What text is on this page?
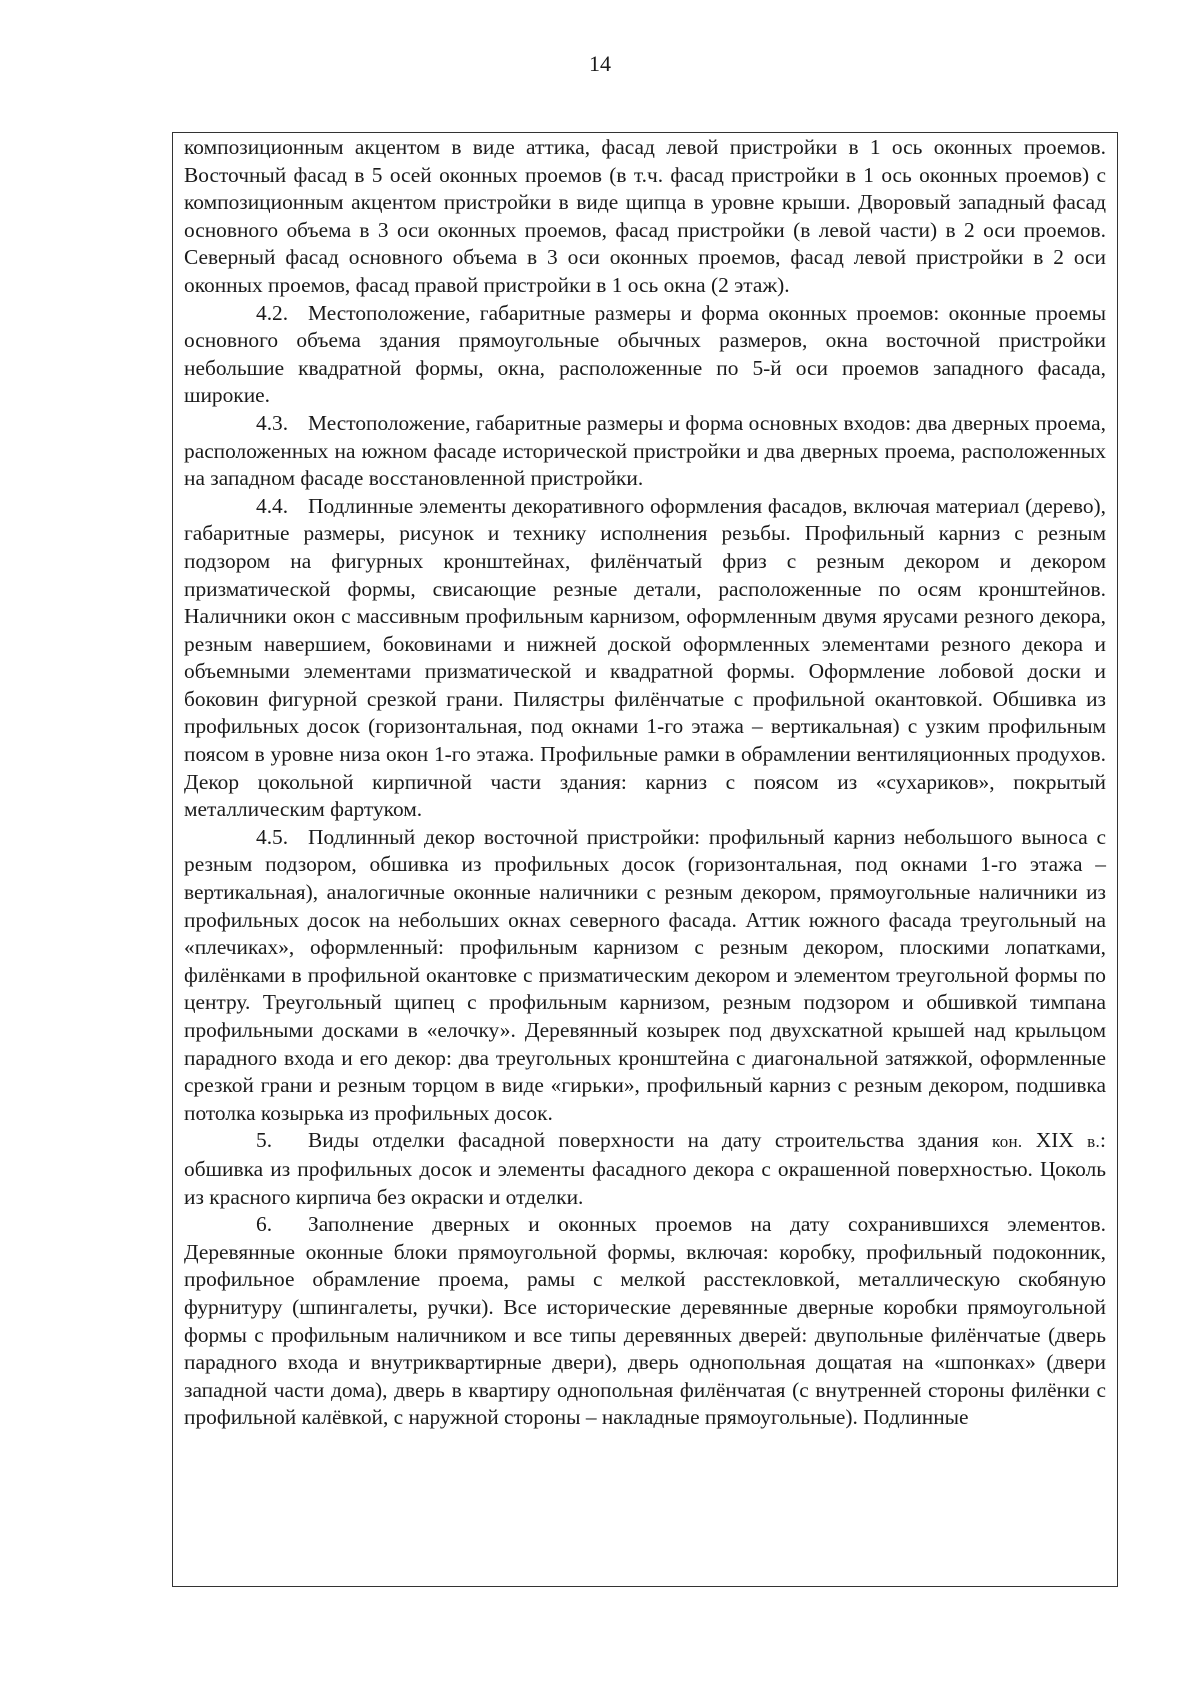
14

композиционным акцентом в виде аттика, фасад левой пристройки в 1 ось оконных проемов. Восточный фасад в 5 осей оконных проемов (в т.ч. фасад пристройки в 1 ось оконных проемов) с композиционным акцентом пристройки в виде щипца в уровне крыши. Дворовый западный фасад основного объема в 3 оси оконных проемов, фасад пристройки (в левой части) в 2 оси проемов. Северный фасад основного объема в 3 оси оконных проемов, фасад левой пристройки в 2 оси оконных проемов, фасад правой пристройки в 1 ось окна (2 этаж).

4.2. Местоположение, габаритные размеры и форма оконных проемов: оконные проемы основного объема здания прямоугольные обычных размеров, окна восточной пристройки небольшие квадратной формы, окна, расположенные по 5-й оси проемов западного фасада, широкие.

4.3. Местоположение, габаритные размеры и форма основных входов: два дверных проема, расположенных на южном фасаде исторической пристройки и два дверных проема, расположенных на западном фасаде восстановленной пристройки.

4.4. Подлинные элементы декоративного оформления фасадов, включая материал (дерево), габаритные размеры, рисунок и технику исполнения резьбы. Профильный карниз с резным подзором на фигурных кронштейнах, филёнчатый фриз с резным декором и декором призматической формы, свисающие резные детали, расположенные по осям кронштейнов. Наличники окон с массивным профильным карнизом, оформленным двумя ярусами резного декора, резным навершием, боковинами и нижней доской оформленных элементами резного декора и объемными элементами призматической и квадратной формы. Оформление лобовой доски и боковин фигурной срезкой грани. Пилястры филёнчатые с профильной окантовкой. Обшивка из профильных досок (горизонтальная, под окнами 1-го этажа – вертикальная) с узким профильным поясом в уровне низа окон 1-го этажа. Профильные рамки в обрамлении вентиляционных продухов. Декор цокольной кирпичной части здания: карниз с поясом из «сухариков», покрытый металлическим фартуком.

4.5. Подлинный декор восточной пристройки: профильный карниз небольшого выноса с резным подзором, обшивка из профильных досок (горизонтальная, под окнами 1-го этажа – вертикальная), аналогичные оконные наличники с резным декором, прямоугольные наличники из профильных досок на небольших окнах северного фасада. Аттик южного фасада треугольный на «плечиках», оформленный: профильным карнизом с резным декором, плоскими лопатками, филёнками в профильной окантовке с призматическим декором и элементом треугольной формы по центру. Треугольный щипец с профильным карнизом, резным подзором и обшивкой тимпана профильными досками в «елочку». Деревянный козырек под двухскатной крышей над крыльцом парадного входа и его декор: два треугольных кронштейна с диагональной затяжкой, оформленные срезкой грани и резным торцом в виде «гирьки», профильный карниз с резным декором, подшивка потолка козырька из профильных досок.

5. Виды отделки фасадной поверхности на дату строительства здания кон. XIX в.: обшивка из профильных досок и элементы фасадного декора с окрашенной поверхностью. Цоколь из красного кирпича без окраски и отделки.

6. Заполнение дверных и оконных проемов на дату сохранившихся элементов. Деревянные оконные блоки прямоугольной формы, включая: коробку, профильный подоконник, профильное обрамление проема, рамы с мелкой расстекловкой, металлическую скобяную фурнитуру (шпингалеты, ручки). Все исторические деревянные дверные коробки прямоугольной формы с профильным наличником и все типы деревянных дверей: двупольные филёнчатые (дверь парадного входа и внутриквартирные двери), дверь однопольная дощатая на «шпонках» (двери западной части дома), дверь в квартиру однопольная филёнчатая (с внутренней стороны филёнки с профильной калёвкой, с наружной стороны – накладные прямоугольные). Подлинные
